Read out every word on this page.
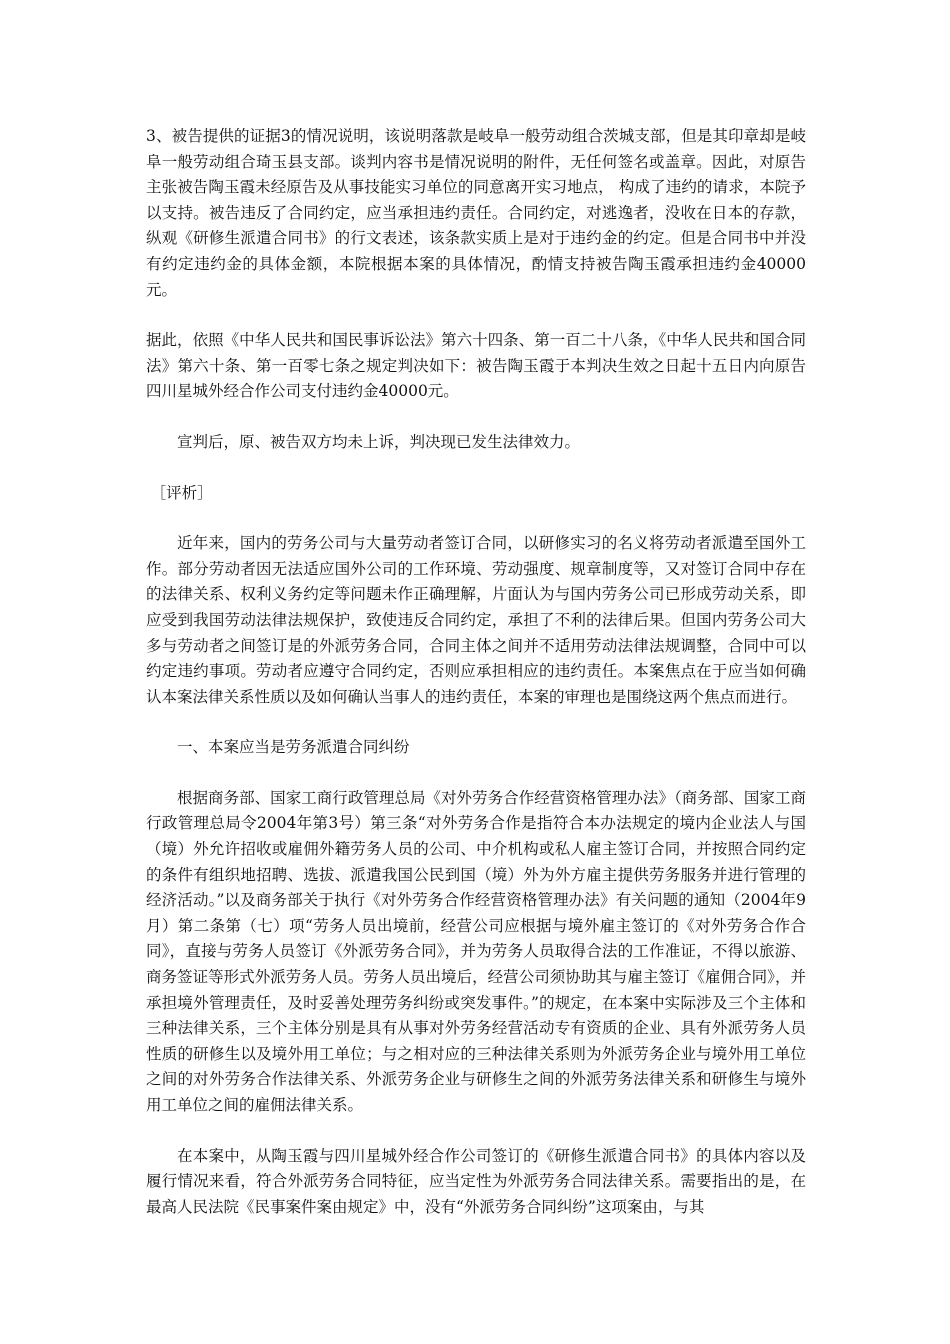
3、被告提供的证据3的情况说明，该说明落款是岐阜一般劳动组合茨城支部，但是其印章却是岐阜一般劳动组合琦玉县支部。谈判内容书是情况说明的附件，无任何签名或盖章。因此，对原告主张被告陶玉霞未经原告及从事技能实习单位的同意离开实习地点， 构成了违约的请求，本院予以支持。被告违反了合同约定，应当承担违约责任。合同约定，对逃逸者，没收在日本的存款，纵观《研修生派遣合同书》的行文表述，该条款实质上是对于违约金的约定。但是合同书中并没有约定违约金的具体金额，本院根据本案的具体情况，酌情支持被告陶玉霞承担违约金40000元。

据此，依照《中华人民共和国民事诉讼法》第六十四条、第一百二十八条，《中华人民共和国合同法》第六十条、第一百零七条之规定判决如下：被告陶玉霞于本判决生效之日起十五日内向原告四川星城外经合作公司支付违约金40000元。

宣判后，原、被告双方均未上诉，判决现已发生法律效力。

［评析］

近年来，国内的劳务公司与大量劳动者签订合同，以研修实习的名义将劳动者派遣至国外工作。部分劳动者因无法适应国外公司的工作环境、劳动强度、规章制度等，又对签订合同中存在的法律关系、权利义务约定等问题未作正确理解，片面认为与国内劳务公司已形成劳动关系，即应受到我国劳动法律法规保护，致使违反合同约定，承担了不利的法律后果。但国内劳务公司大多与劳动者之间签订是的外派劳务合同，合同主体之间并不适用劳动法律法规调整，合同中可以约定违约事项。劳动者应遵守合同约定，否则应承担相应的违约责任。本案焦点在于应当如何确认本案法律关系性质以及如何确认当事人的违约责任，本案的审理也是围绕这两个焦点而进行。

一、本案应当是劳务派遣合同纠纷

根据商务部、国家工商行政管理总局《对外劳务合作经营资格管理办法》（商务部、国家工商行政管理总局令2004年第3号）第三条“对外劳务合作是指符合本办法规定的境内企业法人与国（境）外允许招收或雇佣外籍劳务人员的公司、中介机构或私人雇主签订合同，并按照合同约定的条件有组织地招聘、选拔、派遣我国公民到国（境）外为外方雇主提供劳务服务并进行管理的经济活动。”以及商务部关于执行《对外劳务合作经营资格管理办法》有关问题的通知（2004年9月）第二条第（七）项“劳务人员出境前，经营公司应根据与境外雇主签订的《对外劳务合作合同》，直接与劳务人员签订《外派劳务合同》，并为劳务人员取得合法的工作准证，不得以旅游、商务签证等形式外派劳务人员。劳务人员出境后，经营公司须协助其与雇主签订《雇佣合同》，并承担境外管理责任，及时妥善处理劳务纠纷或突发事件。”的规定，在本案中实际涉及三个主体和三种法律关系，三个主体分别是具有从事对外劳务经营活动专有资质的企业、具有外派劳务人员性质的研修生以及境外用工单位；与之相对应的三种法律关系则为外派劳务企业与境外用工单位之间的对外劳务合作法律关系、外派劳务企业与研修生之间的外派劳务法律关系和研修生与境外用工单位之间的雇佣法律关系。

在本案中，从陶玉霞与四川星城外经合作公司签订的《研修生派遣合同书》的具体内容以及履行情况来看，符合外派劳务合同特征，应当定性为外派劳务合同法律关系。需要指出的是，在最高人民法院《民事案件案由规定》中，没有“外派劳务合同纠纷”这项案由，与其
